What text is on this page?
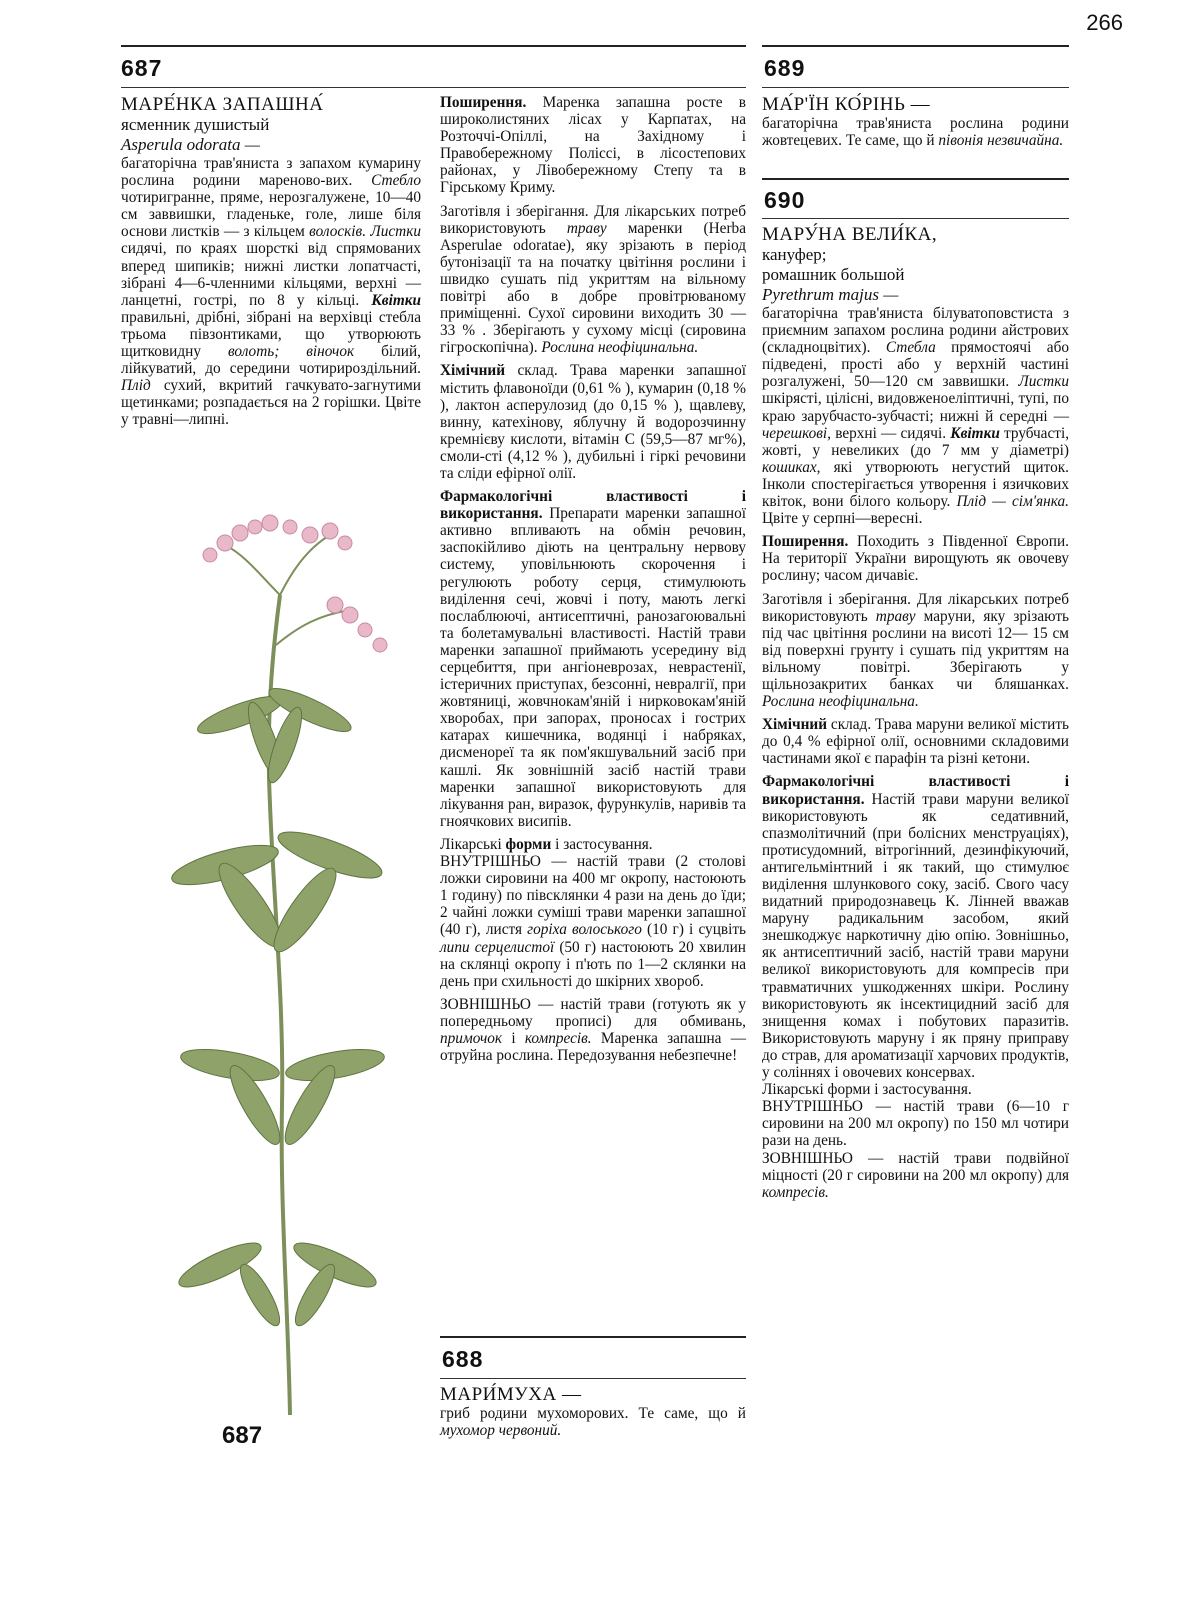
266
687	689
МАРЕ́НКА ЗАПАШНА́
ясменник душистый
Asperula odorata —
багаторічна трав'яниста з запахом кумарину рослина родини мареново-вих. Стебло чотиригранне, пряме, нерозгалужене, 10—40 см заввишки, гладеньке, голе, лише біля основи листків — з кільцем волосків. Листки сидячі, по краях шорсткі від спрямованих вперед шипиків; нижні листки лопатчасті, зібрані 4—6-членними кільцями, верхні — ланцетні, гострі, по 8 у кільці. Квітки правильні, дрібні, зібрані на верхівці стебла трьома півзонтиками, що утворюють щитковидну волоть; віночок білий, лійкуватий, до середини чотирироздільний. Плід сухий, вкритий гачкувато-загнутими щетинками; розпадається на 2 горішки. Цвіте у травні—липні.
687

Поширення. Маренка запашна росте в широколистяних лісах у Карпатах, на Розточчі-Опіллі, на Західному і Правобережному Поліссі, в лісостепових районах, у Лівобережному Степу та в Гірському Криму.

Заготівля і зберігання. Для лікарських потреб використовують траву маренки (Herba Asperulae odoratae), яку зрізають в період бутонізації та на початку цвітіння рослини і швидко сушать під укриттям на вільному повітрі або в добре провітрюваному приміщенні. Сухої сировини виходить 30 — 33 % . Зберігають у сухому місці (сировина гігроскопічна). Рослина неофіцинальна.

Хімічний склад. Трава маренки запашної містить флавоноїди (0,61 % ), кумарин (0,18 % ), лактон асперулозид (до 0,15 % ), щавлеву, винну, катехінову, яблучну й водорозчинну кремнієву кислоти, вітамін С (59,5—87 мг%), смоли-сті (4,12 % ), дубильні і гіркі речовини та сліди ефірної олії.

Фармакологічні властивості і використання. Препарати маренки запашної активно впливають на обмін речовин, заспокійливо діють на центральну нервову систему, уповільнюють скорочення і регулюють роботу серця, стимулюють виділення сечі, жовчі і поту, мають легкі послаблюючі, антисептичні, ранозагоювальні та болетамувальні властивості. Настій трави маренки запашної приймають усередину від серцебиття, при ангіоневрозах, неврастенії, істеричних приступах, безсонні, невралгії, при жовтяниці, жовчнокам'яній і нирковокам'яній хворобах, при запорах, проносах і гострих катарах кишечника, водянці і набряках, дисменореї та як пом'якшувальний засіб при кашлі. Як зовнішній засіб настій трави маренки запашної використовують для лікування ран, виразок, фурункулів, наривів та гноячкових висипів.

Лікарські форми і застосування.

ВНУТРІШНЬО — настій трави (2 столові ложки сировини на 400 мг окропу, настоюють 1 годину) по півсклянки 4 рази на день до їди; 2 чайні ложки суміші трави маренки запашної (40 г), листя горіха волоського (10 г) і суцвіть липи серцелистої (50 г) настоюють 20 хвилин на склянці окропу і п'ють по 1—2 склянки на день при схильності до шкірних хвороб.

ЗОВНІШНЬО — настій трави (готують як у попередньому прописі) для обмивань, примочок і компресів. Маренка запашна — отруйна рослина. Передозування небезпечне!

688
МАРИ́МУХА —
гриб родини мухоморових. Те саме, що й мухомор червоний.
МА́Р'ЇН КО́РІНЬ —
багаторічна трав'яниста рослина родини жовтецевих. Те саме, що й півонія незвичайна.
690
МАРУ́НА ВЕЛИ́КА,
кануфер;
ромашник большой
Pyrethrum majus —

багаторічна трав'яниста білуватоповстиста з приємним запахом рослина родини айстрових (складноцвітих). Стебла прямостоячі або підведені, прості або у верхній частині розгалужені, 50—120 см заввишки. Листки шкірясті, цілісні, видовженоеліптичні, тупі, по краю зарубчасто-зубчасті; нижні й середні — черешкові, верхні — сидячі. Квітки трубчасті, жовті, у невеликих (до 7 мм у діаметрі) кошиках, які утворюють негустий щиток. Інколи спостерігається утворення і язичкових квіток, вони білого кольору. Плід — сім'янка. Цвіте у серпні—вересні.

Поширення. Походить з Південної Європи. На території України вирощують як овочеву рослину; часом дичавіє.

Заготівля і зберігання. Для лікарських потреб використовують траву маруни, яку зрізають під час цвітіння рослини на висоті 12— 15 см від поверхні грунту і сушать під укриттям на вільному повітрі. Зберігають у щільнозакритих банках чи бляшанках. Рослина неофіцинальна.

Хімічний склад. Трава маруни великої містить до 0,4 % ефірної олії, основними складовими частинами якої є парафін та різні кетони.

Фармакологічні властивості і використання. Настій трави маруни великої використовують як седативний, спазмолітичний (при болісних менструаціях), протисудомний, вітрогінний, дезинфікуючий, антигельмінтний і як такий, що стимулює виділення шлункового соку, засіб. Свого часу видатний природознавець К. Лінней вважав маруну радикальним засобом, який знешкоджує наркотичну дію опію. Зовнішньо, як антисептичний засіб, настій трави маруни великої використовують для компресів при травматичних ушкодженнях шкіри. Рослину використовують як інсектицидний засіб для знищення комах і побутових паразитів. Використовують маруну і як пряну приправу до страв, для ароматизації харчових продуктів, у соліннях і овочевих консервах.

Лікарські форми і застосування.
ВНУТРІШНЬО — настій трави (6—10 г сировини на 200 мл окропу) по 150 мл чотири рази на день.
ЗОВНІШНЬО — настій трави подвійної міцності (20 г сировини на 200 мл окропу) для компресів.
